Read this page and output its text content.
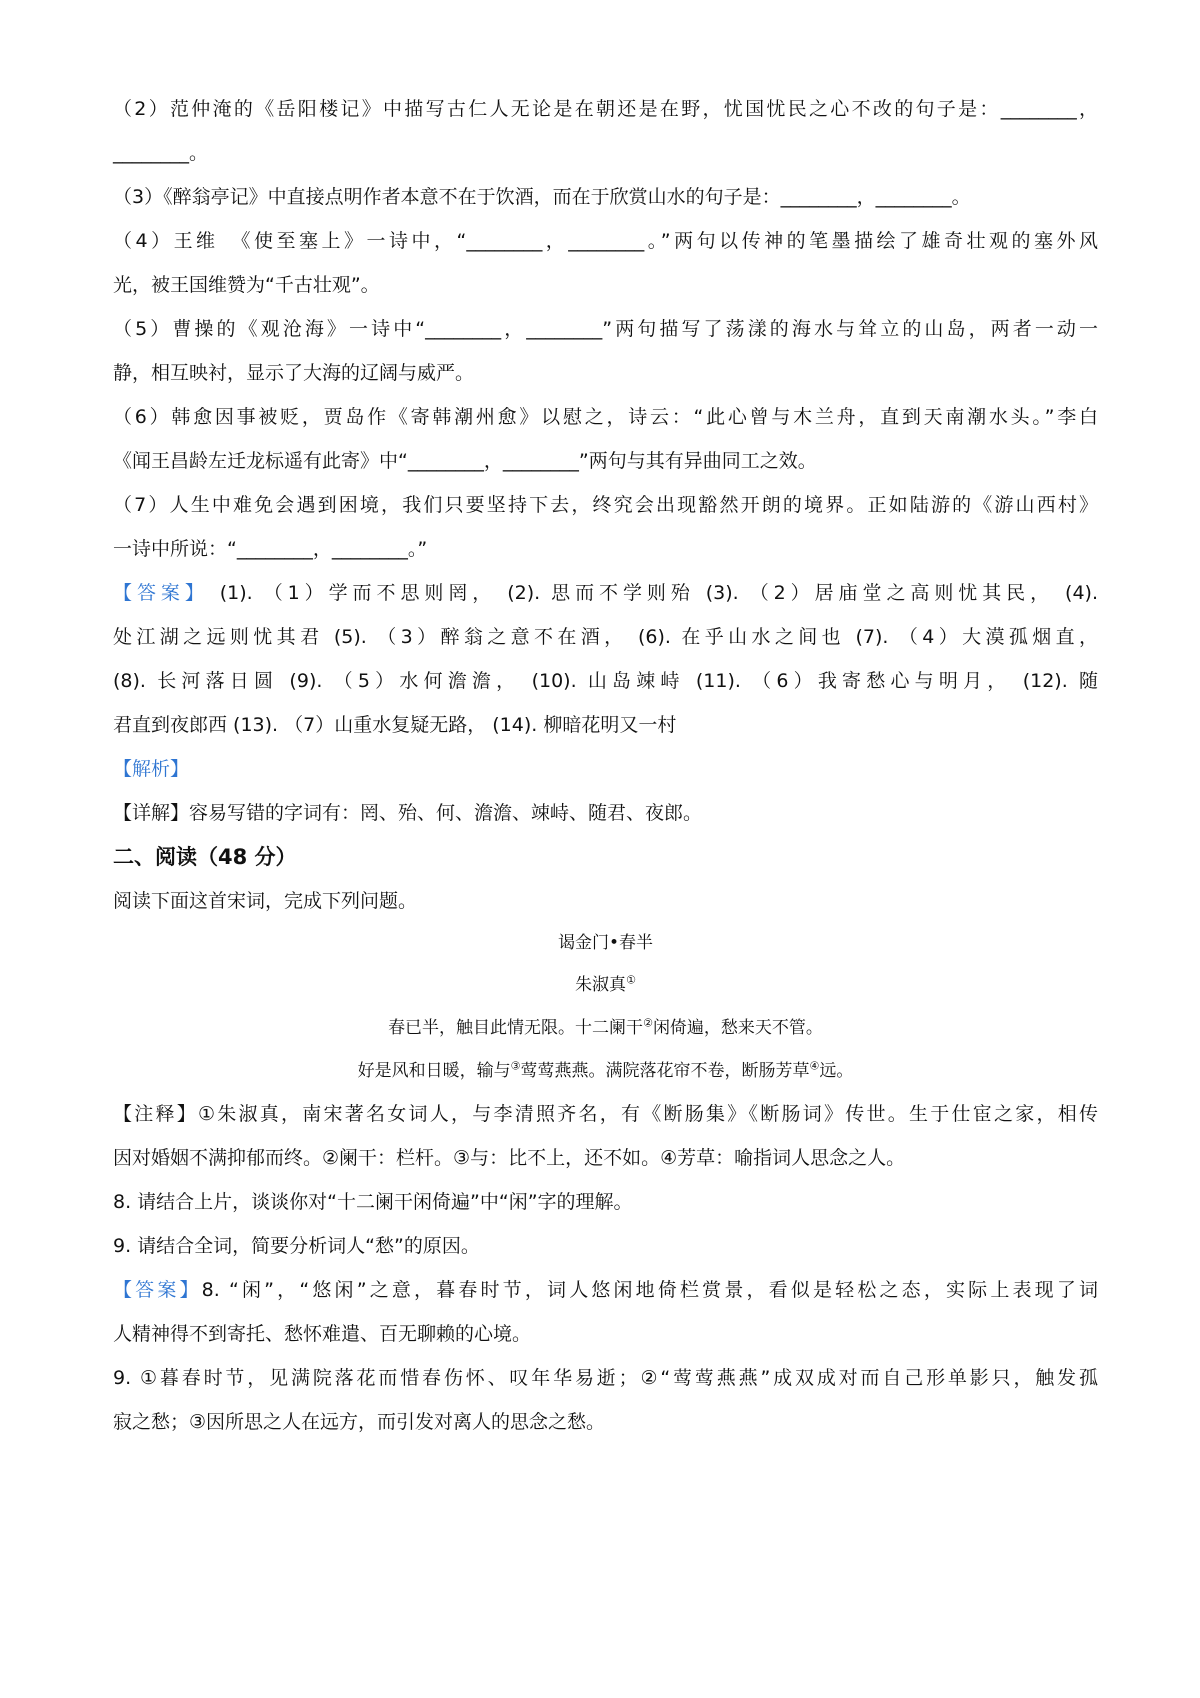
（2）范仲淹的《岳阳楼记》中描写古仁人无论是在朝还是在野，忧国忧民之心不改的句子是：________，
________。
（3）《醉翁亭记》中直接点明作者本意不在于饮酒，而在于欣赏山水的句子是：________，________。
（4）王维　《使至塞上》一诗中，“________，________。”两句以传神的笔墨描绘了雄奇壮观的塞外风
光，被王国维赞为“千古壮观”。
（5）曹操的《观沧海》一诗中“________，________”两句描写了荡漾的海水与耸立的山岛，两者一动一
静，相互映衬，显示了大海的辽阔与威严。
（6）韩愈因事被贬，贾岛作《寄韩潮州愈》以慰之，诗云：“此心曾与木兰舟，直到天南潮水头。”李白
《闻王昌龄左迁龙标遥有此寄》中“________，________”两句与其有异曲同工之效。
（7）人生中难免会遇到困境，我们只要坚持下去，终究会出现豁然开朗的境界。正如陆游的《游山西村》
一诗中所说：“________，________。”
【答案】 (1). （1）学而不思则罔， (2). 思而不学则殆 (3). （2）居庙堂之高则忧其民， (4).
处江湖之远则忧其君 (5). （3）醉翁之意不在酒， (6). 在乎山水之间也 (7). （4）大漠孤烟直，
(8). 长河落日圆 (9). （5）水何澹澹， (10). 山岛竦峙 (11). （6）我寄愁心与明月， (12). 随
君直到夜郎西 (13). （7）山重水复疑无路， (14). 柳暗花明又一村
【解析】
【详解】容易写错的字词有：罔、殆、何、澹澹、竦峙、随君、夜郎。
二、阅读（48 分）
阅读下面这首宋词，完成下列问题。
谒金门•春半
朱淑真①
春已半，触目此情无限。十二阑干②闲倚遍，愁来天不管。
好是风和日暖，输与③莺莺燕燕。满院落花帘不卷，断肠芳草④远。
【注释】①朱淑真，南宋著名女词人，与李清照齐名，有《断肠集》《断肠词》传世。生于仕宦之家，相传
因对婚姻不满抑郁而终。②阑干：栏杆。③与：比不上，还不如。④芳草：喻指词人思念之人。
8. 请结合上片，谈谈你对“十二阑干闲倚遍”中“闲”字的理解。
9. 请结合全词，简要分析词人“愁”的原因。
【答案】8. “闲”，“悠闲”之意，暮春时节，词人悠闲地倚栏赏景，看似是轻松之态，实际上表现了词
人精神得不到寄托、愁怀难遣、百无聊赖的心境。
9. ①暮春时节，见满院落花而惜春伤怀、叹年华易逝；②“莺莺燕燕”成双成对而自己形单影只，触发孤
寂之愁；③因所思之人在远方，而引发对离人的思念之愁。
